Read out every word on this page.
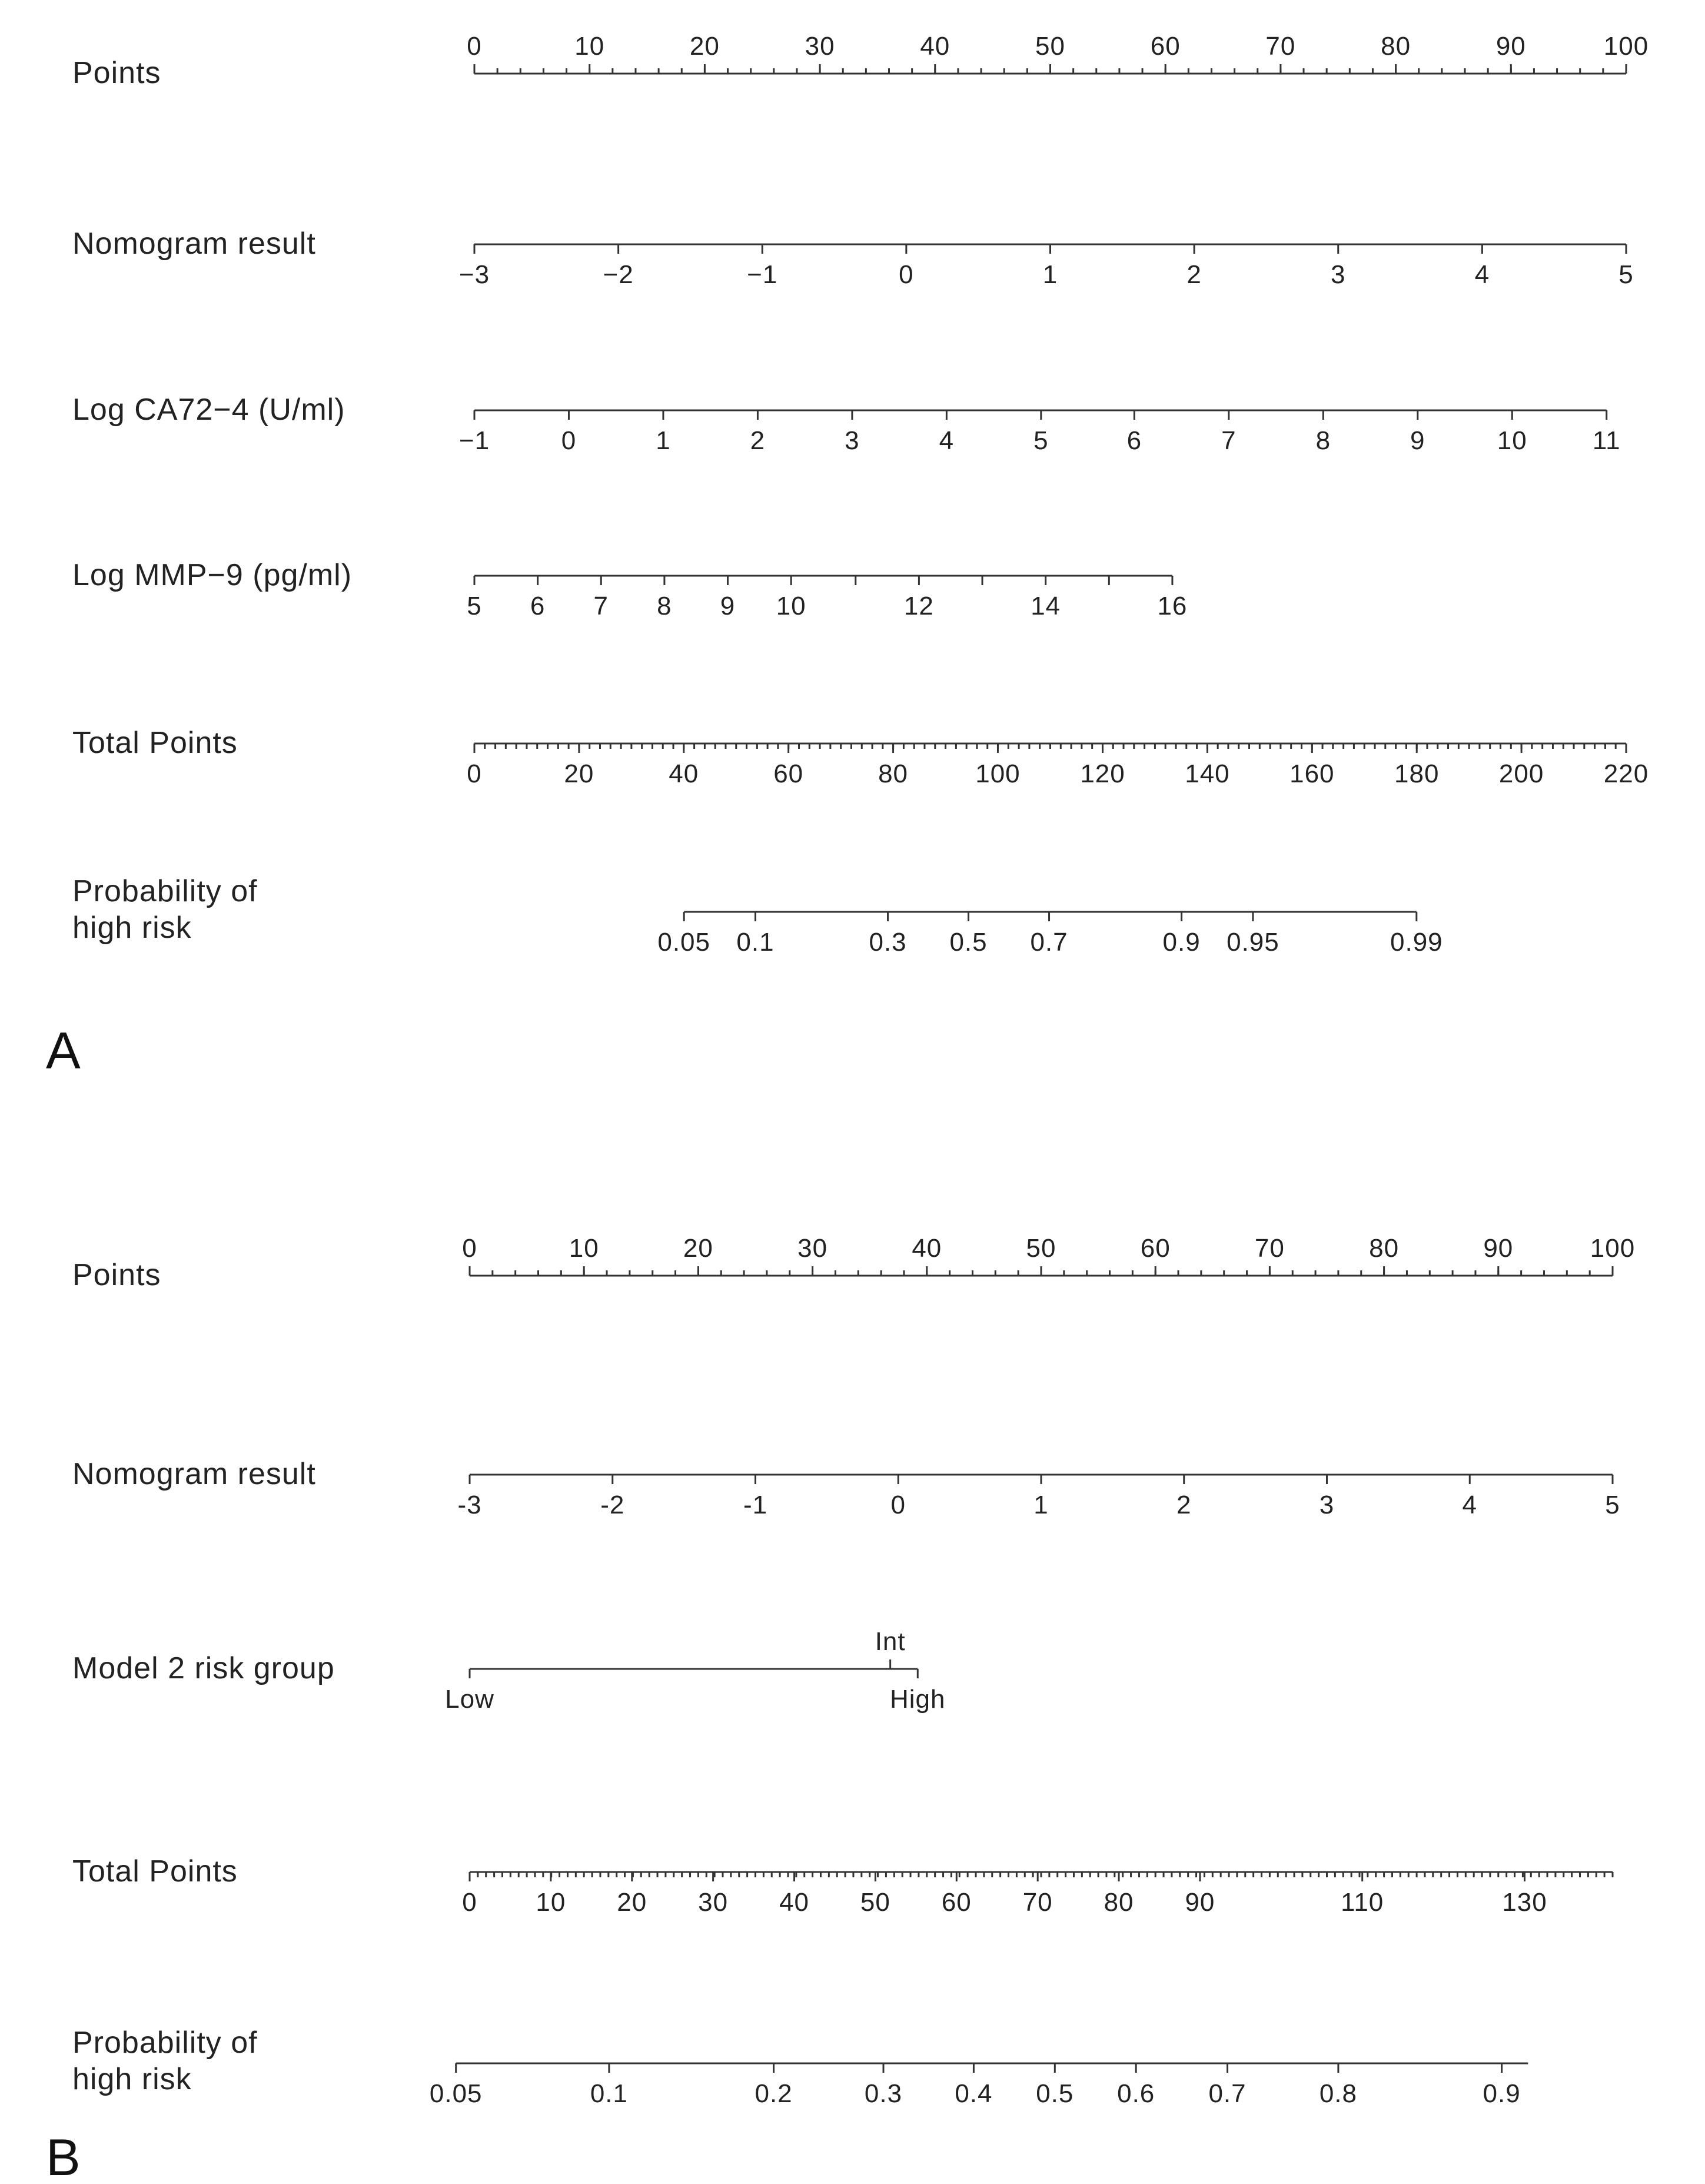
Points
0	10	20	30	40	50	60	70	80	90	100
Nomogram result
−3	−2	−1	0	1	2	3	4	5
Log CA72−4 (U/ml)
−1	0	1	2	3	4	5	6	7	8	9	10	11
Log MMP−9 (pg/ml)
5 6 7 8 9 10	12	14	16
Total Points
0	20	40	60	80	100 120 140 160 180 200 220
Probability of
high risk	0.05 0.1	0.3 0.5 0.7	0.9 0.95	0.99
A
Points
0	10	20	30	40	50	60	70	80	90	100
Nomogram result
-3	-2	-1	0	1	2	3	4	5
Model 2 risk group
Low
Int
High
Total Points
0 10 20 30 40 50 60 70 80 90	110	130
Probability of
high risk	0.05	0.1	0.2	0.3 0.4 0.5 0.6 0.7	0.8	0.9
B
